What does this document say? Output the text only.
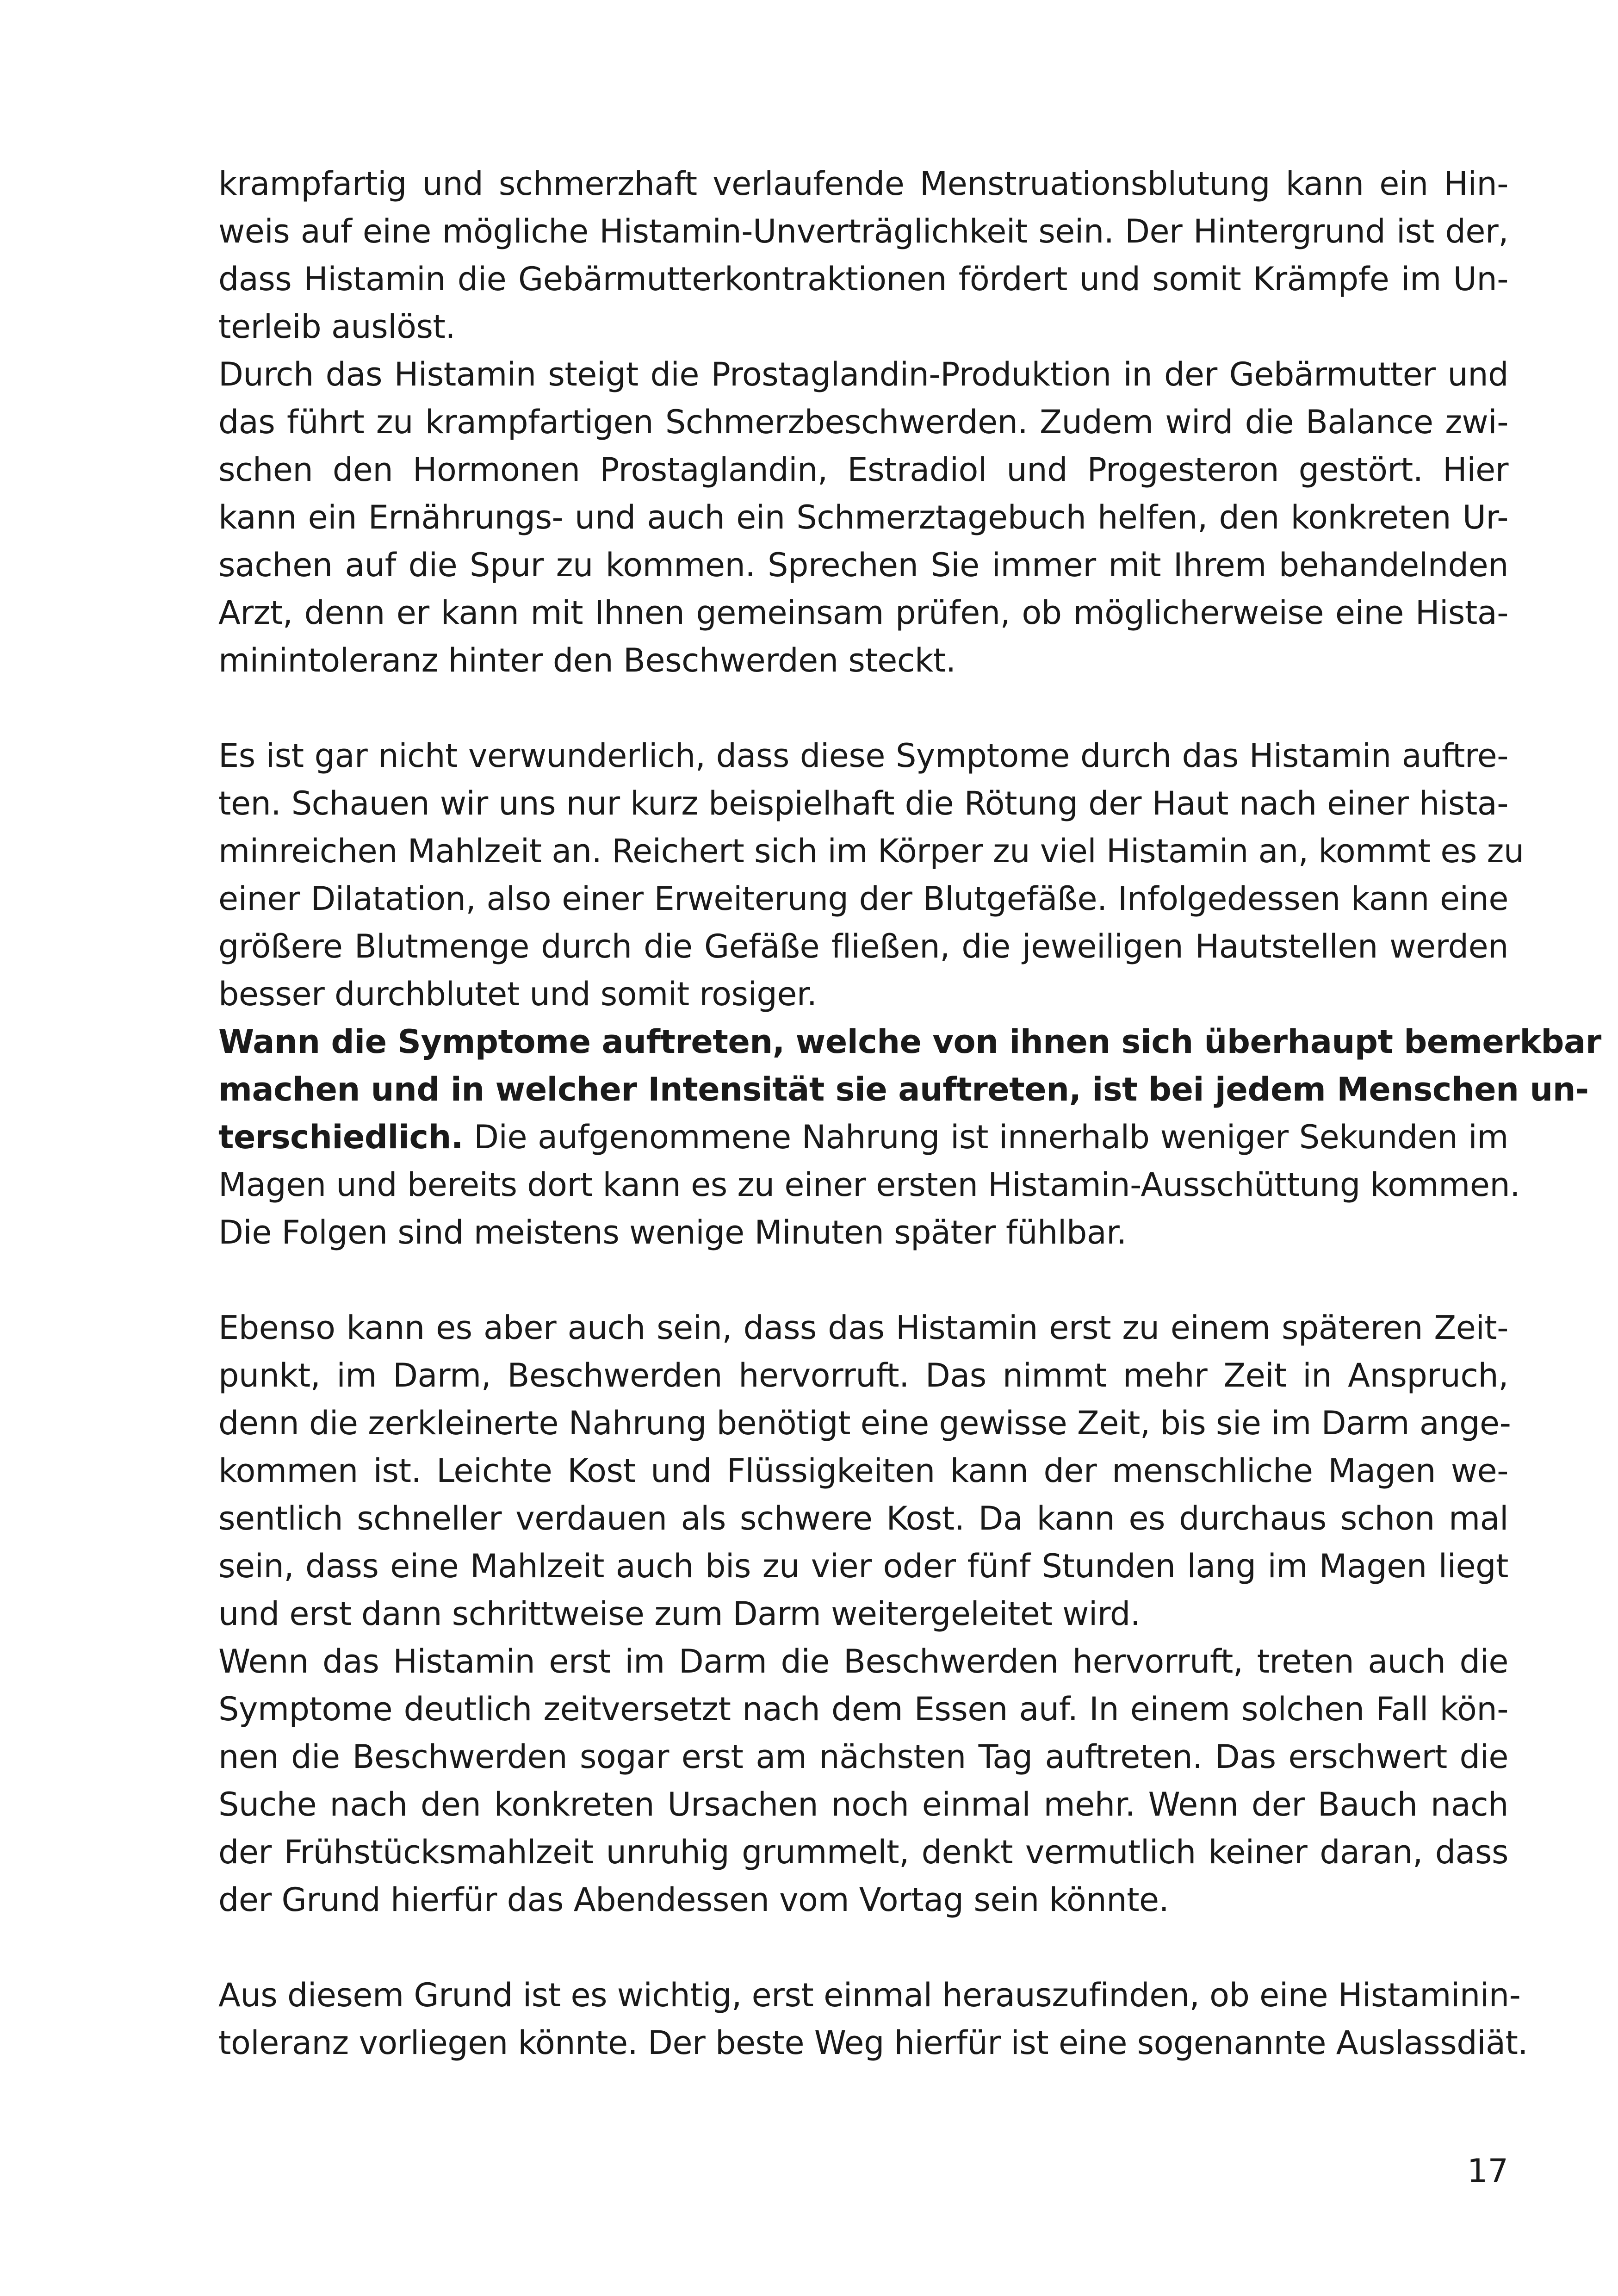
krampfartig und schmerzhaft verlaufende Menstruationsblutung kann ein Hin-
weis auf eine mögliche Histamin-Unverträglichkeit sein. Der Hintergrund ist der,
dass Histamin die Gebärmutterkontraktionen fördert und somit Krämpfe im Un-
terleib auslöst.
Durch das Histamin steigt die Prostaglandin-Produktion in der Gebärmutter und
das führt zu krampfartigen Schmerzbeschwerden. Zudem wird die Balance zwi-
schen den Hormonen Prostaglandin, Estradiol und Progesteron gestört. Hier
kann ein Ernährungs- und auch ein Schmerztagebuch helfen, den konkreten Ur-
sachen auf die Spur zu kommen. Sprechen Sie immer mit Ihrem behandelnden
Arzt, denn er kann mit Ihnen gemeinsam prüfen, ob möglicherweise eine Hista-
minintoleranz hinter den Beschwerden steckt.
Es ist gar nicht verwunderlich, dass diese Symptome durch das Histamin auftre-
ten. Schauen wir uns nur kurz beispielhaft die Rötung der Haut nach einer hista-
minreichen Mahlzeit an. Reichert sich im Körper zu viel Histamin an, kommt es zu
einer Dilatation, also einer Erweiterung der Blutgefäße. Infolgedessen kann eine
größere Blutmenge durch die Gefäße fließen, die jeweiligen Hautstellen werden
besser durchblutet und somit rosiger.
Wann die Symptome auftreten, welche von ihnen sich überhaupt bemerkbar
machen und in welcher Intensität sie auftreten, ist bei jedem Menschen un-
terschiedlich. Die aufgenommene Nahrung ist innerhalb weniger Sekunden im
Magen und bereits dort kann es zu einer ersten Histamin-Ausschüttung kommen.
Die Folgen sind meistens wenige Minuten später fühlbar.
Ebenso kann es aber auch sein, dass das Histamin erst zu einem späteren Zeit-
punkt, im Darm, Beschwerden hervorruft. Das nimmt mehr Zeit in Anspruch,
denn die zerkleinerte Nahrung benötigt eine gewisse Zeit, bis sie im Darm ange-
kommen ist. Leichte Kost und Flüssigkeiten kann der menschliche Magen we-
sentlich schneller verdauen als schwere Kost. Da kann es durchaus schon mal
sein, dass eine Mahlzeit auch bis zu vier oder fünf Stunden lang im Magen liegt
und erst dann schrittweise zum Darm weitergeleitet wird.
Wenn das Histamin erst im Darm die Beschwerden hervorruft, treten auch die
Symptome deutlich zeitversetzt nach dem Essen auf. In einem solchen Fall kön-
nen die Beschwerden sogar erst am nächsten Tag auftreten. Das erschwert die
Suche nach den konkreten Ursachen noch einmal mehr. Wenn der Bauch nach
der Frühstücksmahlzeit unruhig grummelt, denkt vermutlich keiner daran, dass
der Grund hierfür das Abendessen vom Vortag sein könnte.
Aus diesem Grund ist es wichtig, erst einmal herauszufinden, ob eine Histaminin-
toleranz vorliegen könnte. Der beste Weg hierfür ist eine sogenannte Auslassdiät.
17
